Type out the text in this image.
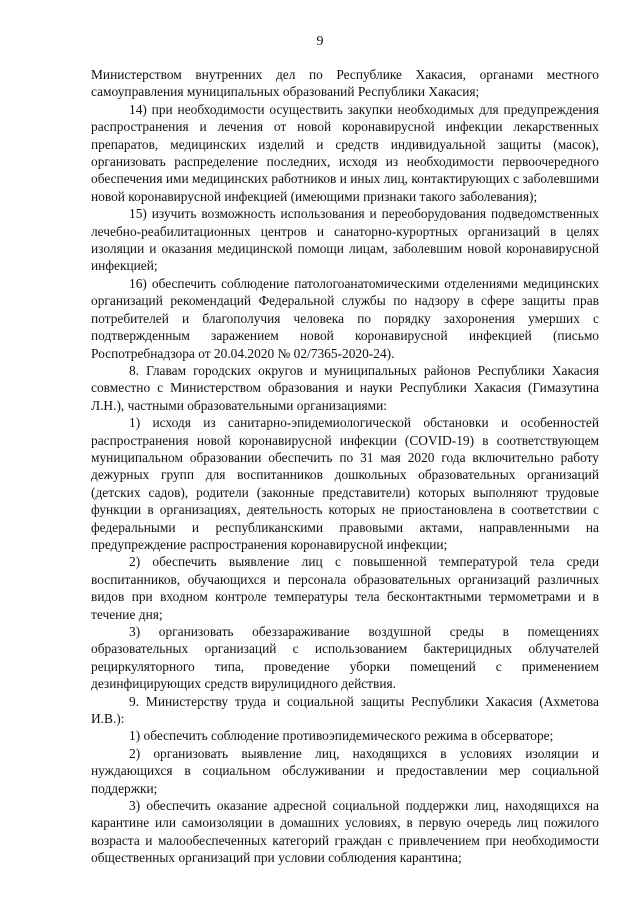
9

Министерством внутренних дел по Республике Хакасия, органами местного самоуправления муниципальных образований Республики Хакасия;

14) при необходимости осуществить закупки необходимых для предупреждения распространения и лечения от новой коронавирусной инфекции лекарственных препаратов, медицинских изделий и средств индивидуальной защиты (масок), организовать распределение последних, исходя из необходимости первоочередного обеспечения ими медицинских работников и иных лиц, контактирующих с заболевшими новой коронавирусной инфекцией (имеющими признаки такого заболевания);

15) изучить возможность использования и переоборудования подведомственных лечебно-реабилитационных центров и санаторно-курортных организаций в целях изоляции и оказания медицинской помощи лицам, заболевшим новой коронавирусной инфекцией;

16) обеспечить соблюдение патологоанатомическими отделениями медицинских организаций рекомендаций Федеральной службы по надзору в сфере защиты прав потребителей и благополучия человека по порядку захоронения умерших с подтвержденным заражением новой коронавирусной инфекцией (письмо Роспотребнадзора от 20.04.2020 № 02/7365-2020-24).

8. Главам городских округов и муниципальных районов Республики Хакасия совместно с Министерством образования и науки Республики Хакасия (Гимазутина Л.Н.), частными образовательными организациями:

1) исходя из санитарно-эпидемиологической обстановки и особенностей распространения новой коронавирусной инфекции (COVID-19) в соответствующем муниципальном образовании обеспечить по 31 мая 2020 года включительно работу дежурных групп для воспитанников дошкольных образовательных организаций (детских садов), родители (законные представители) которых выполняют трудовые функции в организациях, деятельность которых не приостановлена в соответствии с федеральными и республиканскими правовыми актами, направленными на предупреждение распространения коронавирусной инфекции;

2) обеспечить выявление лиц с повышенной температурой тела среди воспитанников, обучающихся и персонала образовательных организаций различных видов при входном контроле температуры тела бесконтактными термометрами и в течение дня;

3) организовать обеззараживание воздушной среды в помещениях образовательных организаций с использованием бактерицидных облучателей рециркуляторного типа, проведение уборки помещений с применением дезинфицирующих средств вирулицидного действия.

9. Министерству труда и социальной защиты Республики Хакасия (Ахметова И.В.):

1) обеспечить соблюдение противоэпидемического режима в обсерваторе;

2) организовать выявление лиц, находящихся в условиях изоляции и нуждающихся в социальном обслуживании и предоставлении мер социальной поддержки;

3) обеспечить оказание адресной социальной поддержки лиц, находящихся на карантине или самоизоляции в домашних условиях, в первую очередь лиц пожилого возраста и малообеспеченных категорий граждан с привлечением при необходимости общественных организаций при условии соблюдения карантина;
